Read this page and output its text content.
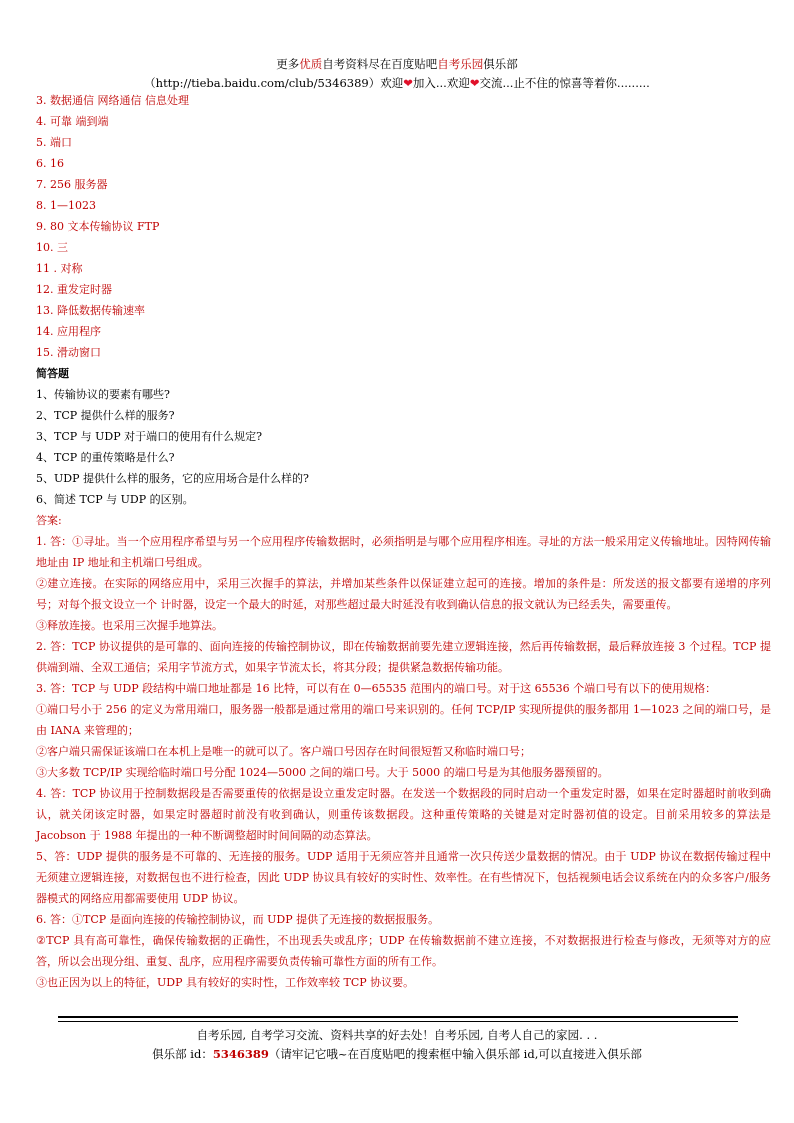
更多优质自考资料尽在百度贴吧自考乐园俱乐部
（http://tieba.baidu.com/club/5346389）欢迎❤加入...欢迎❤交流...止不住的惊喜等着你.........

3. 数据通信 网络通信 信息处理

4. 可靠 端到端

5. 端口

6. 16

7. 256 服务器

8. 1—1023

9. 80 文本传输协议 FTP

10. 三

11 . 对称

12. 重发定时器

13. 降低数据传输速率

14. 应用程序

15. 滑动窗口

简答题

1、传输协议的要素有哪些?

2、TCP 提供什么样的服务?

3、TCP 与 UDP 对于端口的使用有什么规定?

4、TCP 的重传策略是什么?

5、UDP 提供什么样的服务，它的应用场合是什么样的?

6、简述 TCP 与 UDP 的区别。

答案:

1. 答：①寻址。当一个应用程序希望与另一个应用程序传输数据时，必须指明是与哪个应用程序相连。寻址的方法一般采用定义传输地址。因特网传输地址由 IP 地址和主机端口号组成。

②建立连接。在实际的网络应用中，采用三次握手的算法，并增加某些条件以保证建立起可的连接。增加的条件是：所发送的报文都要有递增的序列号；对每个报文设立一个 计时器，设定一个最大的时延，对那些超过最大时延没有收到确认信息的报文就认为已经丢失，需要重传。

③释放连接。也采用三次握手地算法。

2. 答：TCP 协议提供的是可靠的、面向连接的传输控制协议，即在传输数据前要先建立逻辑连接，然后再传输数据，最后释放连接 3 个过程。TCP 提供端到端、全双工通信；采用字节流方式，如果字节流太长，将其分段；提供紧急数据传输功能。

3. 答：TCP 与 UDP 段结构中端口地址都是 16 比特，可以有在 0—65535 范围内的端口号。对于这 65536 个端口号有以下的使用规格：

①端口号小于 256 的定义为常用端口，服务器一般都是通过常用的端口号来识别的。任何 TCP/IP 实现所提供的服务都用 1—1023 之间的端口号，是由 IANA 来管理的；

②客户端只需保证该端口在本机上是唯一的就可以了。客户端口号因存在时间很短暂又称临时端口号；

③大多数 TCP/IP 实现给临时端口号分配 1024—5000 之间的端口号。大于 5000 的端口号是为其他服务器预留的。

4. 答：TCP 协议用于控制数据段是否需要重传的依据是设立重发定时器。在发送一个数据段的同时启动一个重发定时器，如果在定时器超时前收到确认，就关闭该定时器，如果定时器超时前没有收到确认，则重传该数据段。这种重传策略的关键是对定时器初值的设定。目前采用较多的算法是 Jacobson 于 1988 年提出的一种不断调整超时时间间隔的动态算法。

5、答：UDP 提供的服务是不可靠的、无连接的服务。UDP 适用于无须应答并且通常一次只传送少量数据的情况。由于 UDP 协议在数据传输过程中无须建立逻辑连接，对数据包也不进行检查，因此 UDP 协议具有较好的实时性、效率性。在有些情况下，包括视频电话会议系统在内的众多客户/服务器模式的网络应用都需要使用 UDP 协议。

6. 答：①TCP 是面向连接的传输控制协议，而 UDP 提供了无连接的数据报服务。

②TCP 具有高可靠性，确保传输数据的正确性，不出现丢失或乱序；UDP 在传输数据前不建立连接，不对数据报进行检查与修改，无须等对方的应答，所以会出现分组、重复、乱序，应用程序需要负责传输可靠性方面的所有工作。

③也正因为以上的特征，UDP 具有较好的实时性，工作效率较 TCP 协议要。

自考乐园, 自考学习交流、资料共享的好去处！自考乐园, 自考人自己的家园. . .
俱乐部 id：5346389（请牢记它哦~在百度贴吧的搜索框中输入俱乐部 id,可以直接进入俱乐部
